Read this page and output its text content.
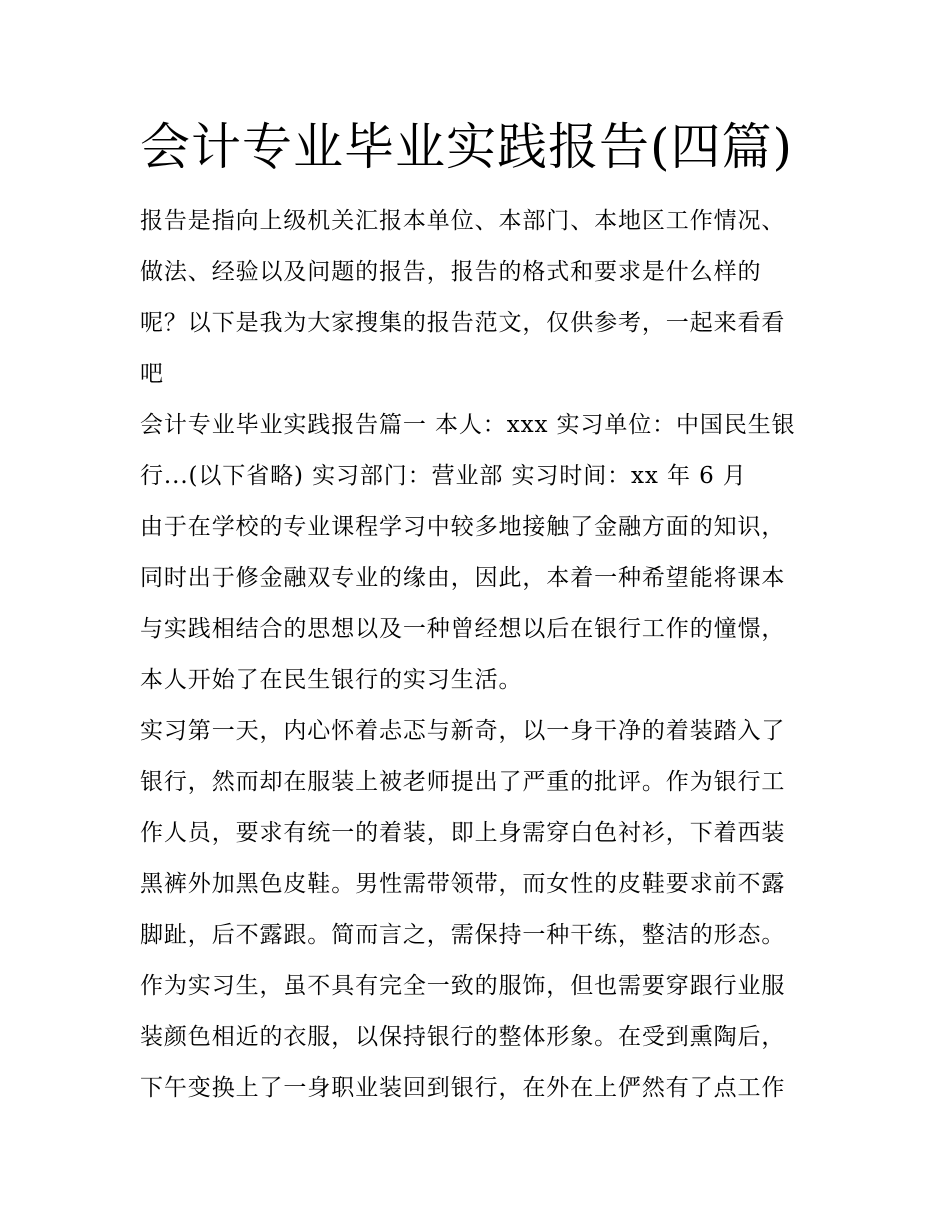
会计专业毕业实践报告(四篇)
报告是指向上级机关汇报本单位、本部门、本地区工作情况、
做法、经验以及问题的报告，报告的格式和要求是什么样的
呢？以下是我为大家搜集的报告范文，仅供参考，一起来看看
吧
会计专业毕业实践报告篇一 本人：xxx 实习单位：中国民生银
行...(以下省略) 实习部门：营业部 实习时间：xx 年 6 月
由于在学校的专业课程学习中较多地接触了金融方面的知识，
同时出于修金融双专业的缘由，因此，本着一种希望能将课本
与实践相结合的思想以及一种曾经想以后在银行工作的憧憬，
本人开始了在民生银行的实习生活。
实习第一天，内心怀着忐忑与新奇，以一身干净的着装踏入了
银行，然而却在服装上被老师提出了严重的批评。作为银行工
作人员，要求有统一的着装，即上身需穿白色衬衫，下着西装
黑裤外加黑色皮鞋。男性需带领带，而女性的皮鞋要求前不露
脚趾，后不露跟。简而言之，需保持一种干练，整洁的形态。
作为实习生，虽不具有完全一致的服饰，但也需要穿跟行业服
装颜色相近的衣服，以保持银行的整体形象。在受到熏陶后，
下午变换上了一身职业装回到银行，在外在上俨然有了点工作
